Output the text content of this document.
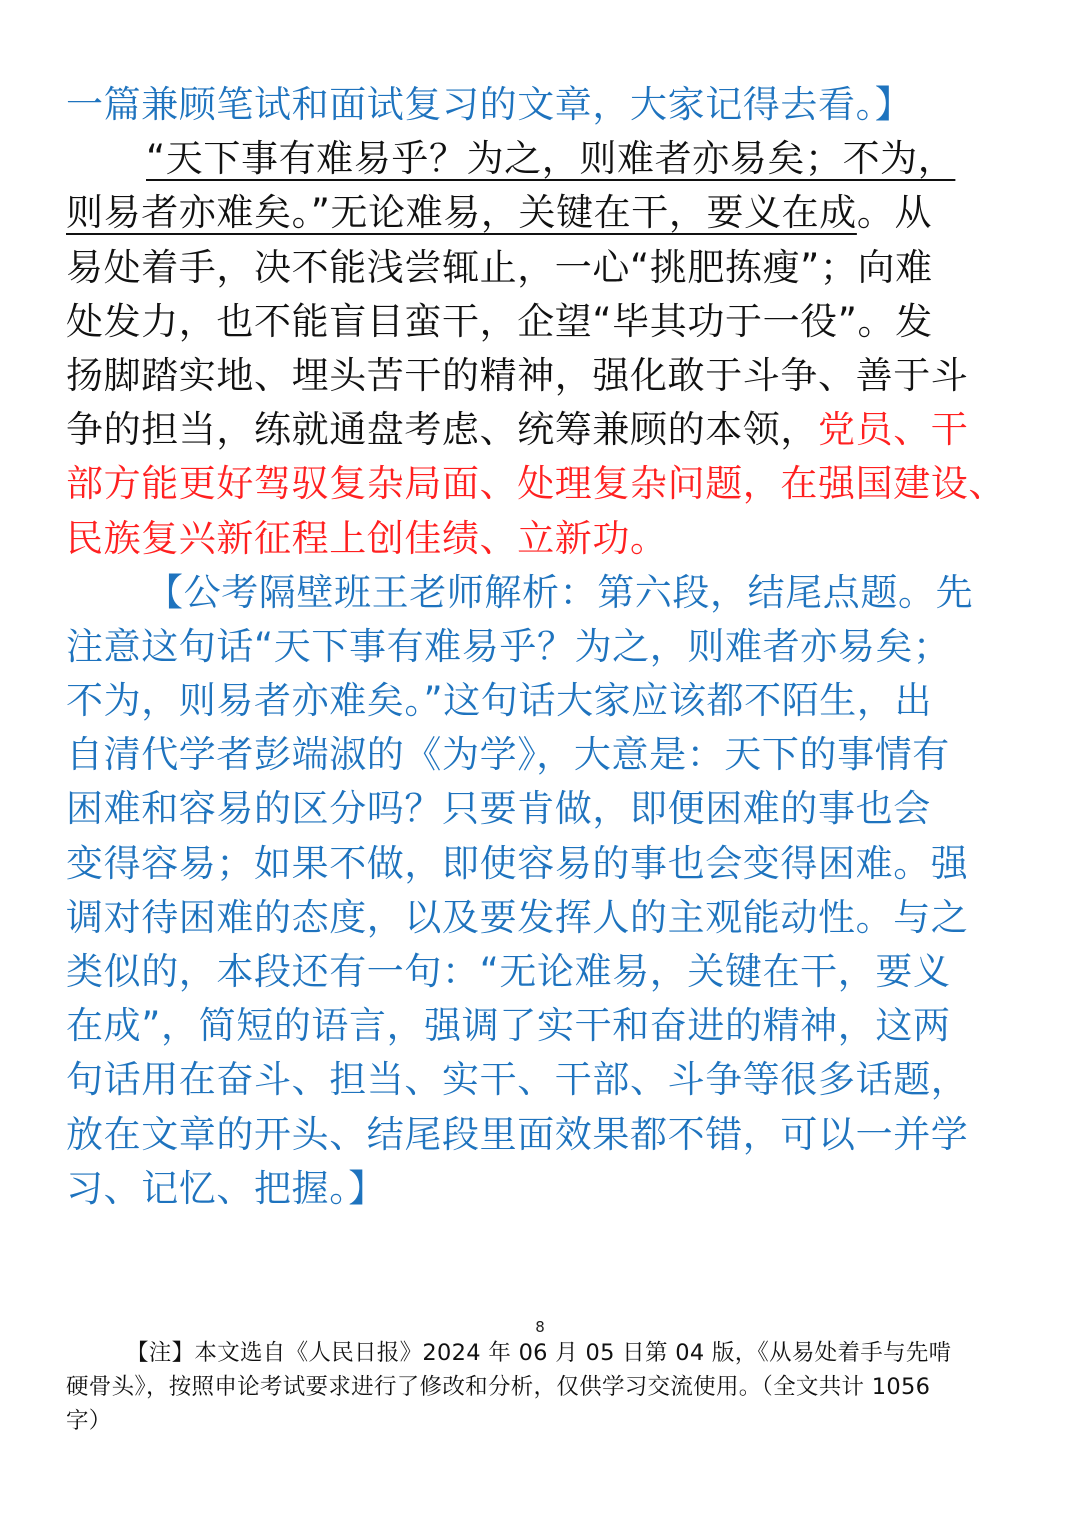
一篇兼顾笔试和面试复习的文章，大家记得去看。】
“天下事有难易乎？为之，则难者亦易矣；不为，
则易者亦难矣。”无论难易，关键在干，要义在成。从
易处着手，决不能浅尝辄止，一心“挑肥拣瘦”；向难
处发力，也不能盲目蛮干，企望“毕其功于一役”。发
扬脚踏实地、埋头苦干的精神，强化敢于斗争、善于斗
争的担当，练就通盘考虑、统筹兼顾的本领，党员、干
部方能更好驾驭复杂局面、处理复杂问题，在强国建设、
民族复兴新征程上创佳绩、立新功。
【公考隔壁班王老师解析：第六段，结尾点题。先
注意这句话“天下事有难易乎？为之，则难者亦易矣；
不为，则易者亦难矣。”这句话大家应该都不陌生，出
自清代学者彭端淑的《为学》，大意是：天下的事情有
困难和容易的区分吗？只要肯做，即便困难的事也会
变得容易；如果不做，即使容易的事也会变得困难。强
调对待困难的态度，以及要发挥人的主观能动性。与之
类似的，本段还有一句：“无论难易，关键在干，要义
在成”，简短的语言，强调了实干和奋进的精神，这两
句话用在奋斗、担当、实干、干部、斗争等很多话题，
放在文章的开头、结尾段里面效果都不错，可以一并学
习、记忆、把握。】
8
【注】本文选自《人民日报》2024 年 06 月 05 日第 04 版，《从易处着手与先啃
硬骨头》，按照申论考试要求进行了修改和分析，仅供学习交流使用。（全文共计 1056
字）
